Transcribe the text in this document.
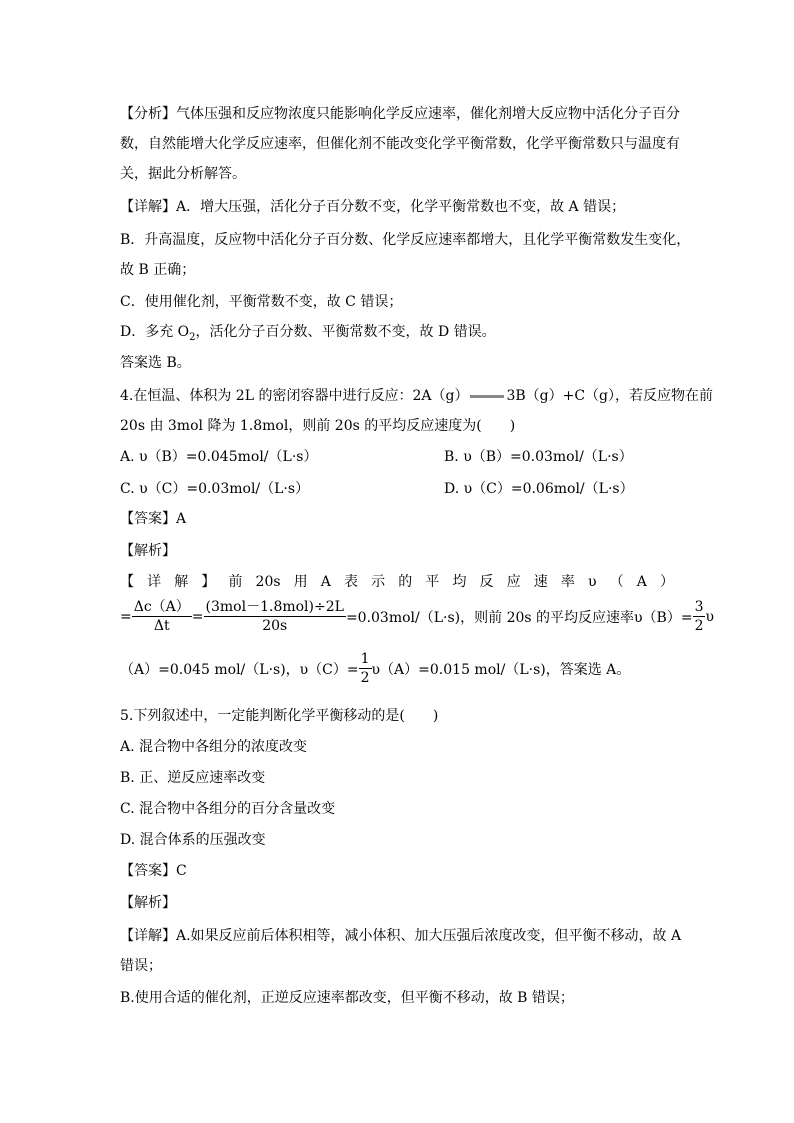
【分析】气体压强和反应物浓度只能影响化学反应速率，催化剂增大反应物中活化分子百分
数，自然能增大化学反应速率，但催化剂不能改变化学平衡常数，化学平衡常数只与温度有
关，据此分析解答。
【详解】A．增大压强，活化分子百分数不变，化学平衡常数也不变，故 A 错误；
B．升高温度，反应物中活化分子百分数、化学反应速率都增大，且化学平衡常数发生变化，
故 B 正确；
C．使用催化剂，平衡常数不变，故 C 错误；
D．多充 $O_2$，活化分子百分数、平衡常数不变，故 D 错误。
答案选 B。
4.在恒温、体积为 2L 的密闭容器中进行反应：2A（g）	3B（g）+C（g），若反应物在前
20s 由 3mol 降为 1.8mol，则前 20s 的平均反应速度为(　　)
A. υ（B）=0.045mol/（L·s）	B. υ（B）=0.03mol/（L·s）
C. υ（C）=0.03mol/（L·s）	D. υ（C）=0.06mol/（L·s）
【答案】A
【解析】
【 详 解 】 前 20s 用 A 表 示 的 平 均 反 应 速 率 υ （ A ）
= $\frac{\Delta c(A)}{\Delta t} = \frac{\text{(3mol－1.8mol)÷2L}}{20s} =0.03mol/(L\cdot s)$，则前 20s 的平均反应速率$\upsilon(B)= \frac{3}{2}$ υ
（A）=0.045 mol/（L·s)，$\upsilon(C)= \frac{1}{2} \upsilon(A)=0.015$ mol/（L·s)，答案选 A。
5.下列叙述中，一定能判断化学平衡移动的是(　　)
A. 混合物中各组分的浓度改变
B. 正、逆反应速率改变
C. 混合物中各组分的百分含量改变
D. 混合体系的压强改变
【答案】C
【解析】
【详解】A.如果反应前后体积相等，减小体积、加大压强后浓度改变，但平衡不移动，故 A
错误；
B.使用合适的催化剂，正逆反应速率都改变，但平衡不移动，故 B 错误；
